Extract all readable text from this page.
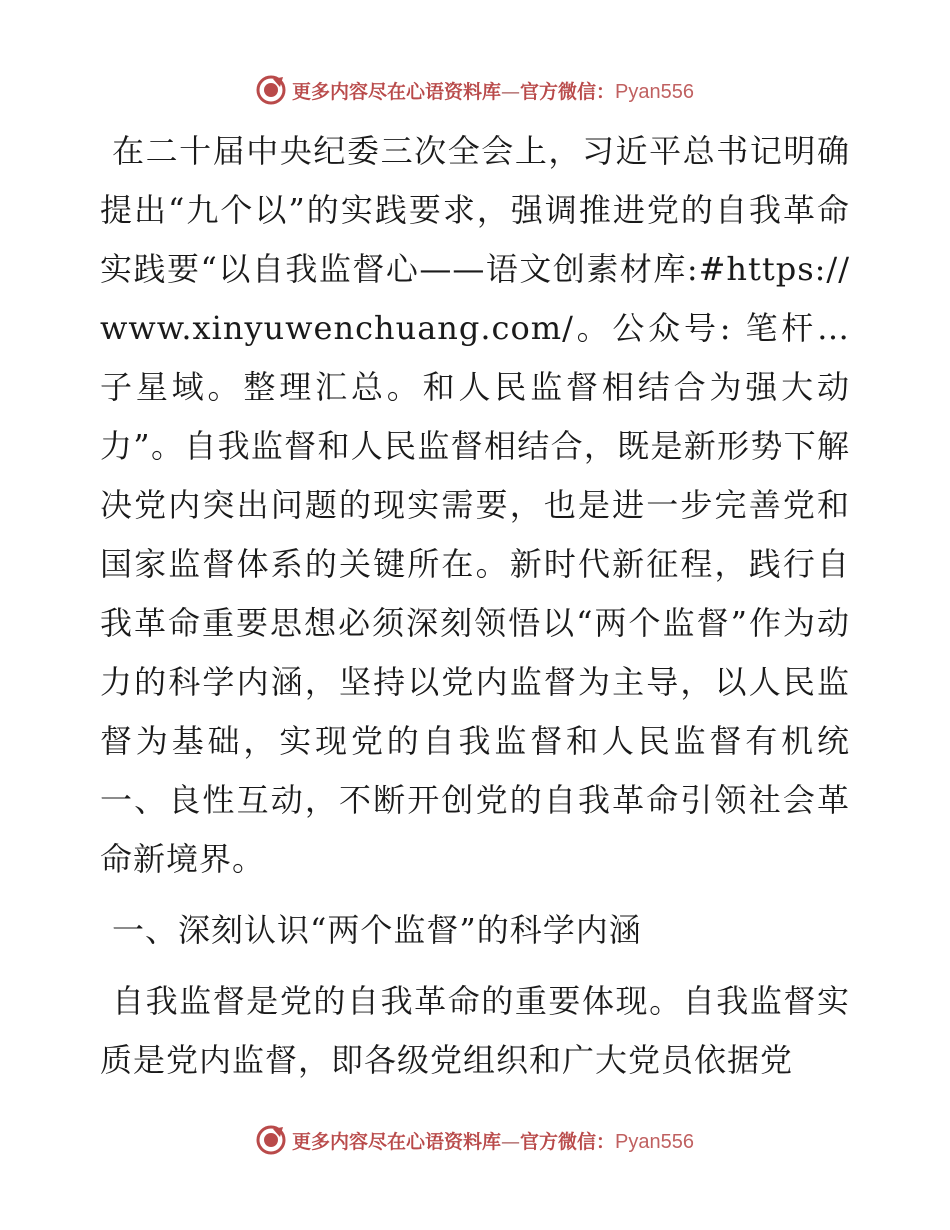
更多内容尽在心语资料库—官方微信：Pyan556

在二十届中央纪委三次全会上，习近平总书记明确提出“九个以”的实践要求，强调推进党的自我革命实践要“以自我监督心——语文创素材库:#https://www.xinyuwenchuang.com/。公众号: 笔杆…子星域。整理汇总。和人民监督相结合为强大动力”。自我监督和人民监督相结合，既是新形势下解决党内突出问题的现实需要，也是进一步完善党和国家监督体系的关键所在。新时代新征程，践行自我革命重要思想必须深刻领悟以“两个监督”作为动力的科学内涵，坚持以党内监督为主导，以人民监督为基础，实现党的自我监督和人民监督有机统一、良性互动，不断开创党的自我革命引领社会革命新境界。

一、深刻认识“两个监督”的科学内涵

自我监督是党的自我革命的重要体现。自我监督实质是党内监督，即各级党组织和广大党员依据党

更多内容尽在心语资料库—官方微信：Pyan556
